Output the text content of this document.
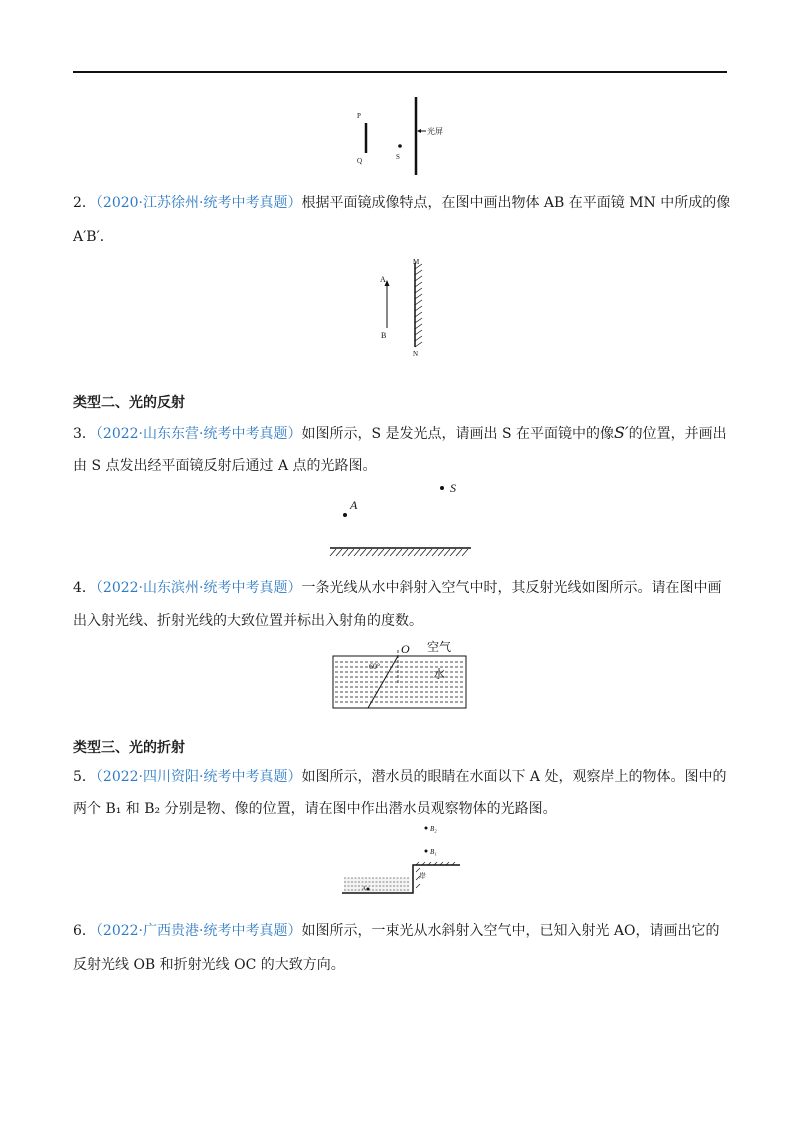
P
Q	S
光屏
2．（2020·江苏徐州·统考中考真题）根据平面镜成像特点，在图中画出物体 AB 在平面镜 MN 中所成的像
A′B′．
A
B
M
N
类型二、光的反射
3．（2022·山东东营·统考中考真题）如图所示，S 是发光点，请画出 S 在平面镜中的像S′的位置，并画出
由 S 点发出经平面镜反射后通过 A 点的光路图。
S
A
4．（2022·山东滨州·统考中考真题）一条光线从水中斜射入空气中时，其反射光线如图所示。请在图中画
出入射光线、折射光线的大致位置并标出入射角的度数。
O 空气
水
60°
类型三、光的折射
5．（2022·四川资阳·统考中考真题）如图所示，潜水员的眼睛在水面以下 A 处，观察岸上的物体。图中的
两个 B₁ 和 B₂ 分别是物、像的位置，请在图中作出潜水员观察物体的光路图。
B₂
B₁
岸
A
6．（2022·广西贵港·统考中考真题）如图所示，一束光从水斜射入空气中，已知入射光 AO，请画出它的
反射光线 OB 和折射光线 OC 的大致方向。
